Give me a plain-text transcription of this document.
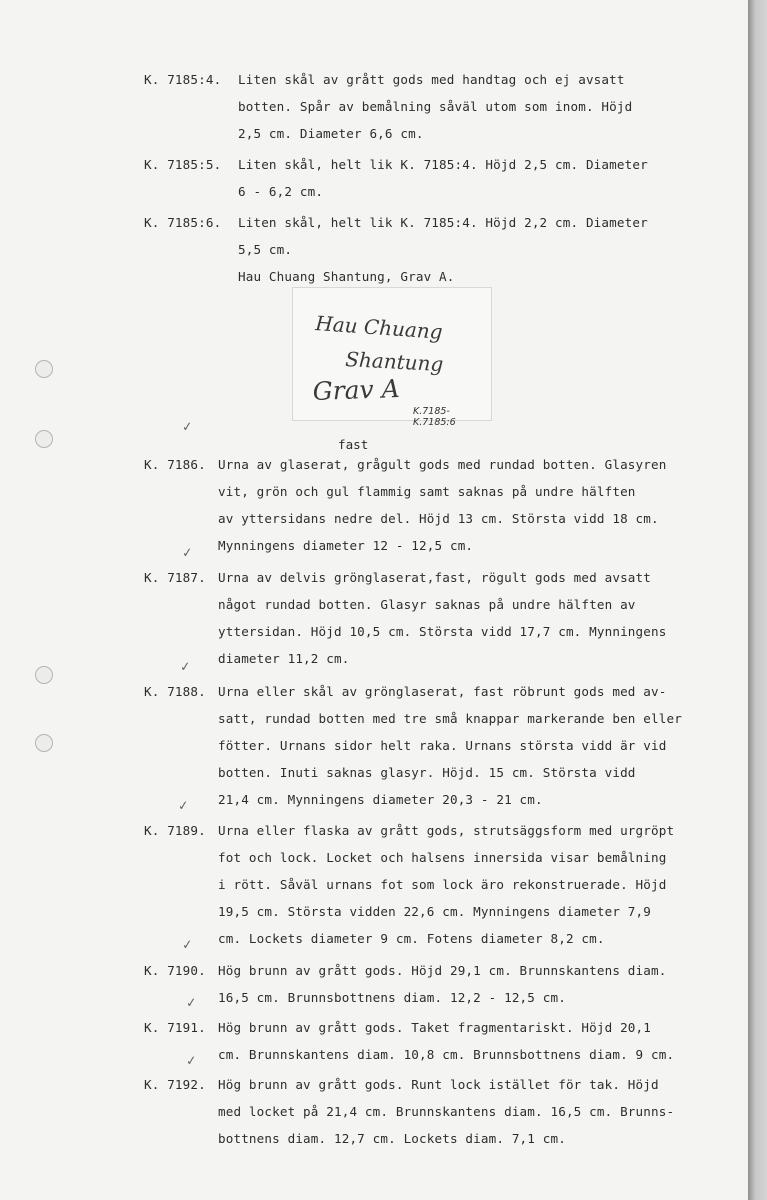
K. 7185:4. Liten skål av grått gods med handtag och ej avsatt
botten. Spår av bemålning såväl utom som inom. Höjd
2,5 cm. Diameter 6,6 cm.
K. 7185:5. Liten skål, helt lik K. 7185:4. Höjd 2,5 cm. Diameter
6 - 6,2 cm.
K. 7185:6. Liten skål, helt lik K. 7185:4. Höjd 2,2 cm. Diameter
5,5 cm.
Hau Chuang Shantung, Grav A.
Hau Chuang
Shantung
Grav A
K.7185-K.7185:6
fast
✓
K. 7186. Urna av glaserat, grågult gods med rundad botten. Glasyren
vit, grön och gul flammig samt saknas på undre hälften
av yttersidans nedre del. Höjd 13 cm. Största vidd 18 cm.
Mynningens diameter 12 - 12,5 cm.
✓
K. 7187. Urna av delvis grönglaserat,fast, rögult gods med avsatt
något rundad botten. Glasyr saknas på undre hälften av
yttersidan. Höjd 10,5 cm. Största vidd 17,7 cm. Mynningens
diameter 11,2 cm.
✓
K. 7188. Urna eller skål av grönglaserat, fast röbrunt gods med av-
satt, rundad botten med tre små knappar markerande ben eller
fötter. Urnans sidor helt raka. Urnans största vidd är vid
botten. Inuti saknas glasyr. Höjd. 15 cm. Största vidd
21,4 cm. Mynningens diameter 20,3 - 21 cm.
✓
K. 7189. Urna eller flaska av grått gods, strutsäggsform med urgröpt
fot och lock. Locket och halsens innersida visar bemålning
i rött. Såväl urnans fot som lock äro rekonstruerade. Höjd
19,5 cm. Största vidden 22,6 cm. Mynningens diameter 7,9
cm. Lockets diameter 9 cm. Fotens diameter 8,2 cm.
✓
K. 7190. Hög brunn av grått gods. Höjd 29,1 cm. Brunnskantens diam.
16,5 cm. Brunnsbottnens diam. 12,2 - 12,5 cm.
✓
K. 7191. Hög brunn av grått gods. Taket fragmentariskt. Höjd 20,1
cm. Brunnskantens diam. 10,8 cm. Brunnsbottnens diam. 9 cm.
✓
K. 7192. Hög brunn av grått gods. Runt lock istället för tak. Höjd
med locket på 21,4 cm. Brunnskantens diam. 16,5 cm. Brunns-
bottnens diam. 12,7 cm. Lockets diam. 7,1 cm.
